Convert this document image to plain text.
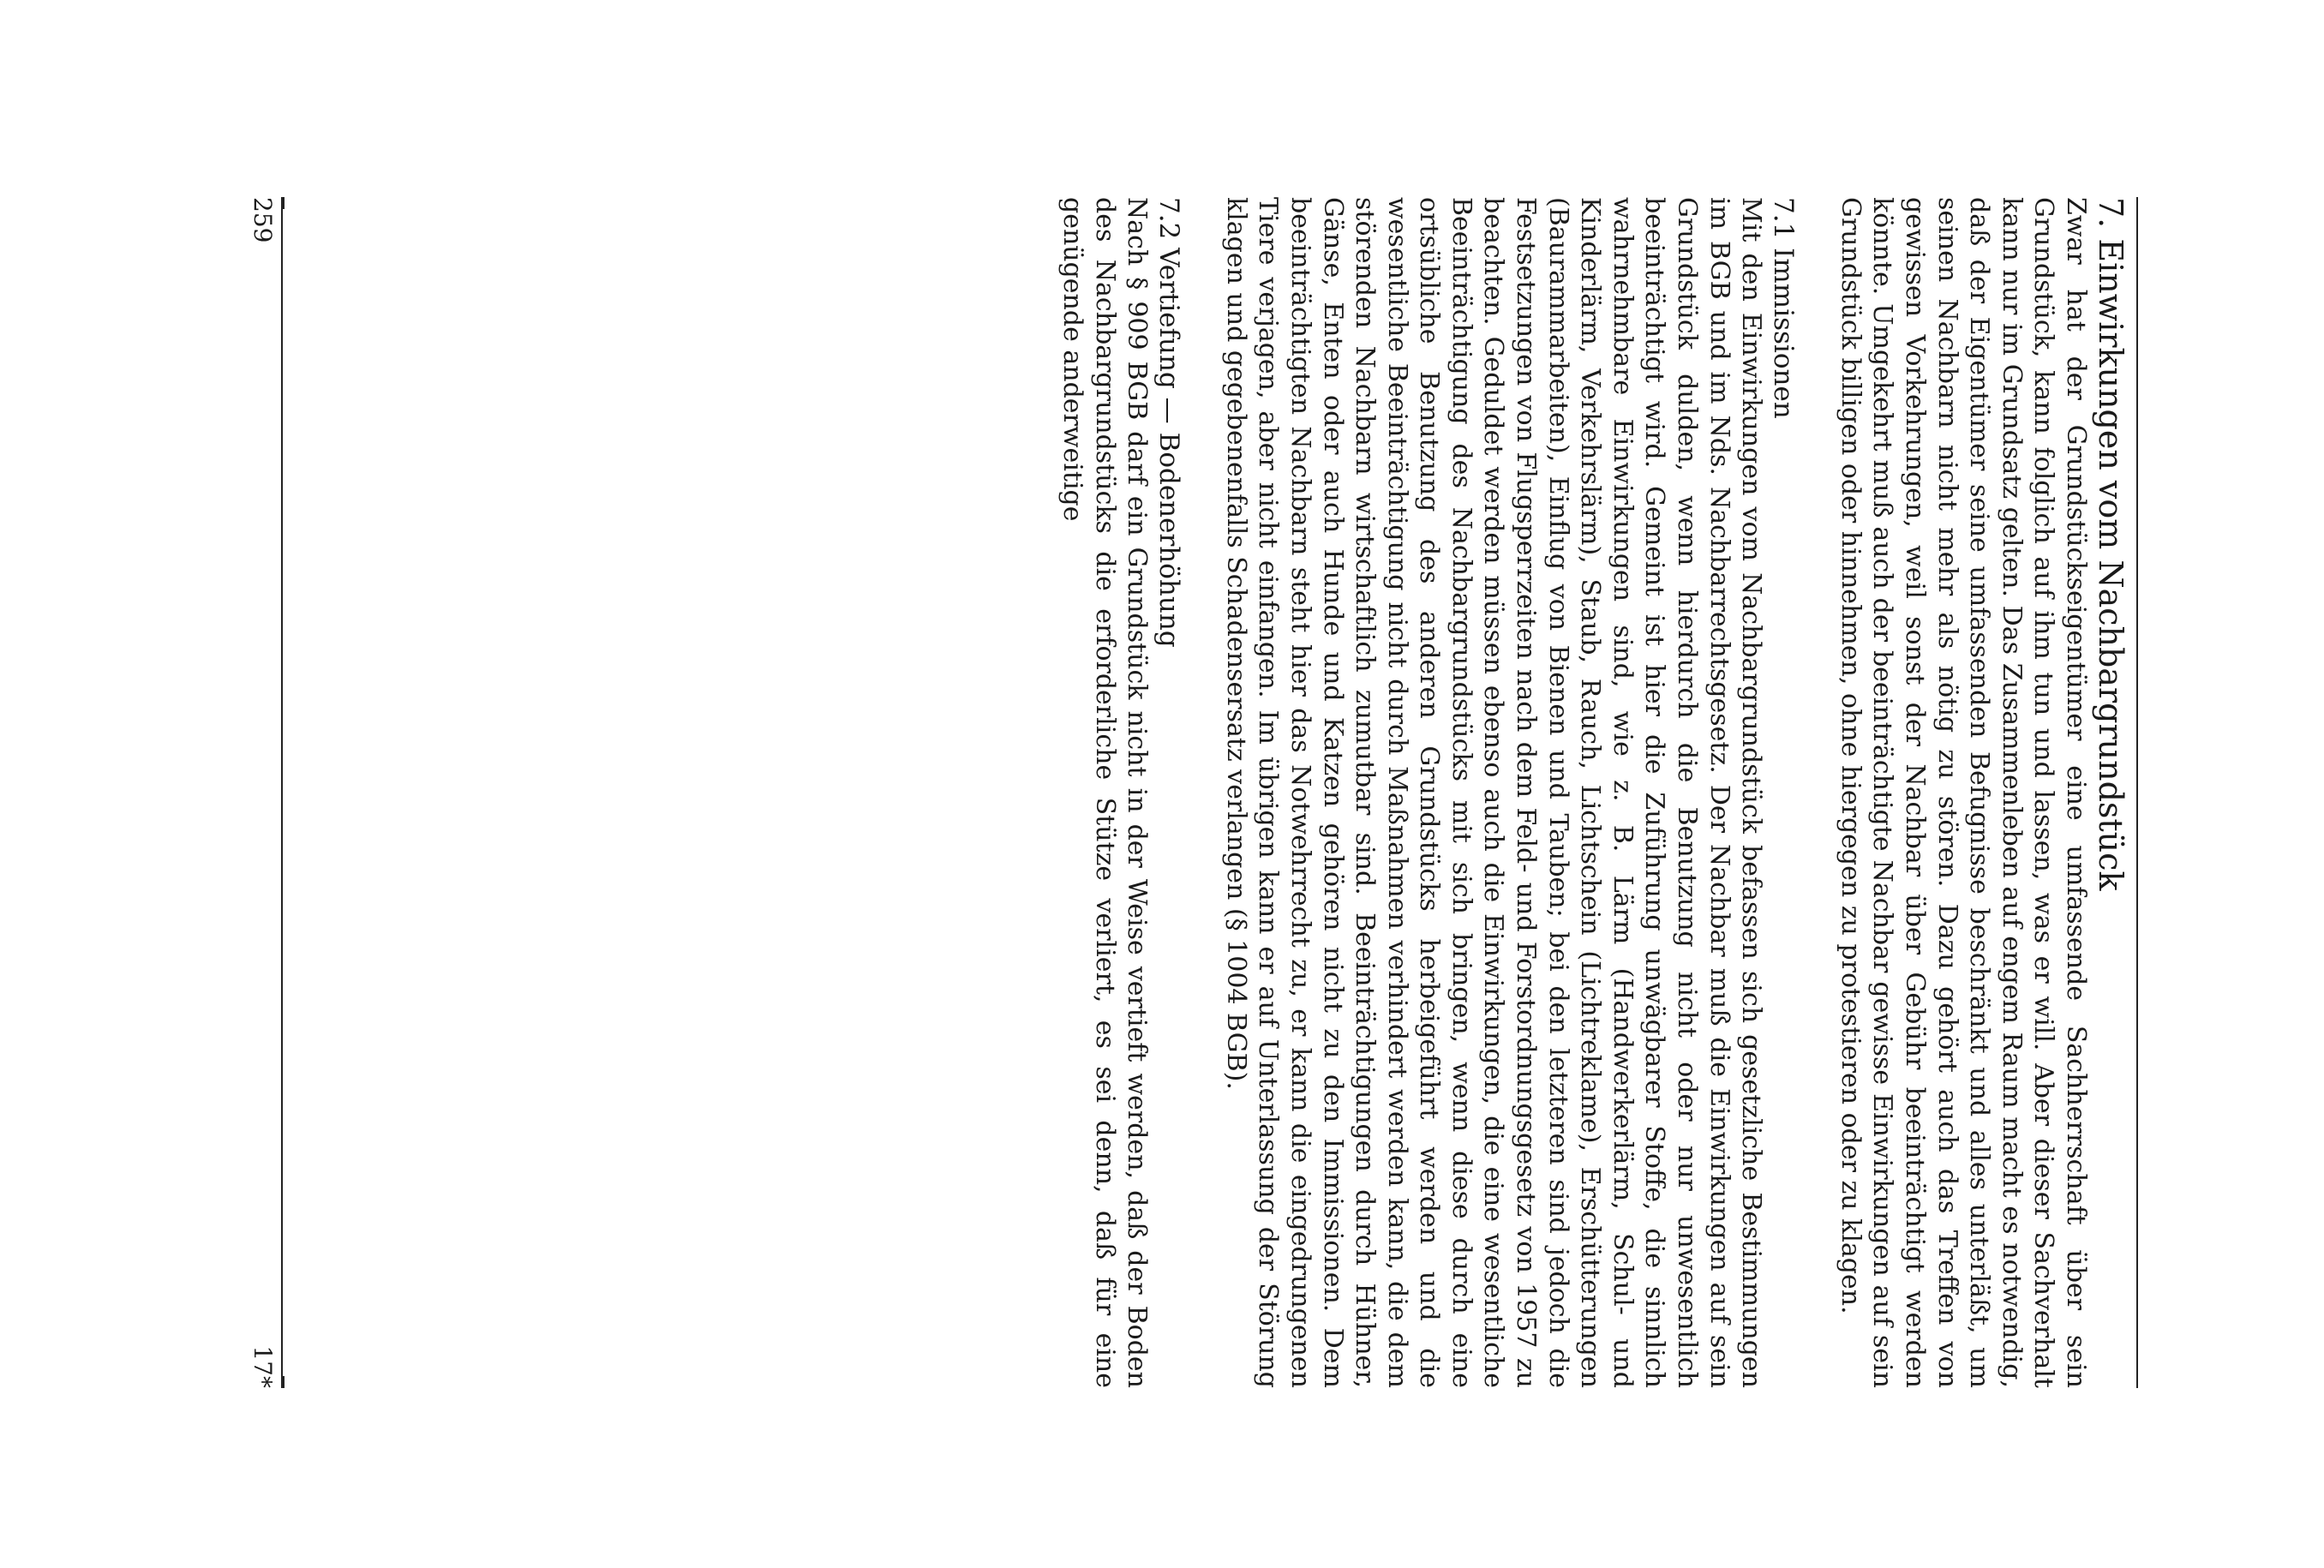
7. Einwirkungen vom Nachbargrundstück

Zwar hat der Grundstückseigentümer eine umfassende Sachherrschaft über sein Grundstück, kann folglich auf ihm tun und lassen, was er will. Aber dieser Sachverhalt kann nur im Grundsatz gelten. Das Zusammenleben auf engem Raum macht es notwendig, daß der Eigentümer seine umfassenden Befugnisse beschränkt und alles unterläßt, um seinen Nachbarn nicht mehr als nötig zu stören. Dazu gehört auch das Treffen von gewissen Vorkehrungen, weil sonst der Nachbar über Gebühr beeinträchtigt werden könnte. Umgekehrt muß auch der beeinträchtigte Nachbar gewisse Einwirkungen auf sein Grundstück billigen oder hinnehmen, ohne hiergegen zu protestieren oder zu klagen.

7.1 Immissionen

Mit den Einwirkungen vom Nachbargrundstück befassen sich gesetzliche Bestimmungen im BGB und im Nds. Nachbarrechtsgesetz. Der Nachbar muß die Einwirkungen auf sein Grundstück dulden, wenn hierdurch die Benutzung nicht oder nur unwesentlich beeinträchtigt wird. Gemeint ist hier die Zuführung unwägbarer Stoffe, die sinnlich wahrnehmbare Einwirkungen sind, wie z. B. Lärm (Handwerkerlärm, Schul- und Kinderlärm, Verkehrslärm), Staub, Rauch, Lichtschein (Lichtreklame), Erschütterungen (Baurammarbeiten), Einflug von Bienen und Tauben; bei den letzteren sind jedoch die Festsetzungen von Flugsperrzeiten nach dem Feld- und Forstordnungsgesetz von 1957 zu beachten. Geduldet werden müssen ebenso auch die Einwirkungen, die eine wesentliche Beeinträchtigung des Nachbargrundstücks mit sich bringen, wenn diese durch eine ortsübliche Benutzung des anderen Grundstücks herbeigeführt werden und die wesentliche Beeinträchtigung nicht durch Maßnahmen verhindert werden kann, die dem störenden Nachbarn wirtschaftlich zumutbar sind. Beeinträchtigungen durch Hühner, Gänse, Enten oder auch Hunde und Katzen gehören nicht zu den Immissionen. Dem beeinträchtigten Nachbarn steht hier das Notwehrrecht zu, er kann die eingedrungenen Tiere verjagen, aber nicht einfangen. Im übrigen kann er auf Unterlassung der Störung klagen und gegebenenfalls Schadensersatz verlangen (§ 1004 BGB).

7.2 Vertiefung — Bodenerhöhung

Nach § 909 BGB darf ein Grundstück nicht in der Weise vertieft werden, daß der Boden des Nachbargrundstücks die erforderliche Stütze verliert, es sei denn, daß für eine genügende anderweitige

259
17*
